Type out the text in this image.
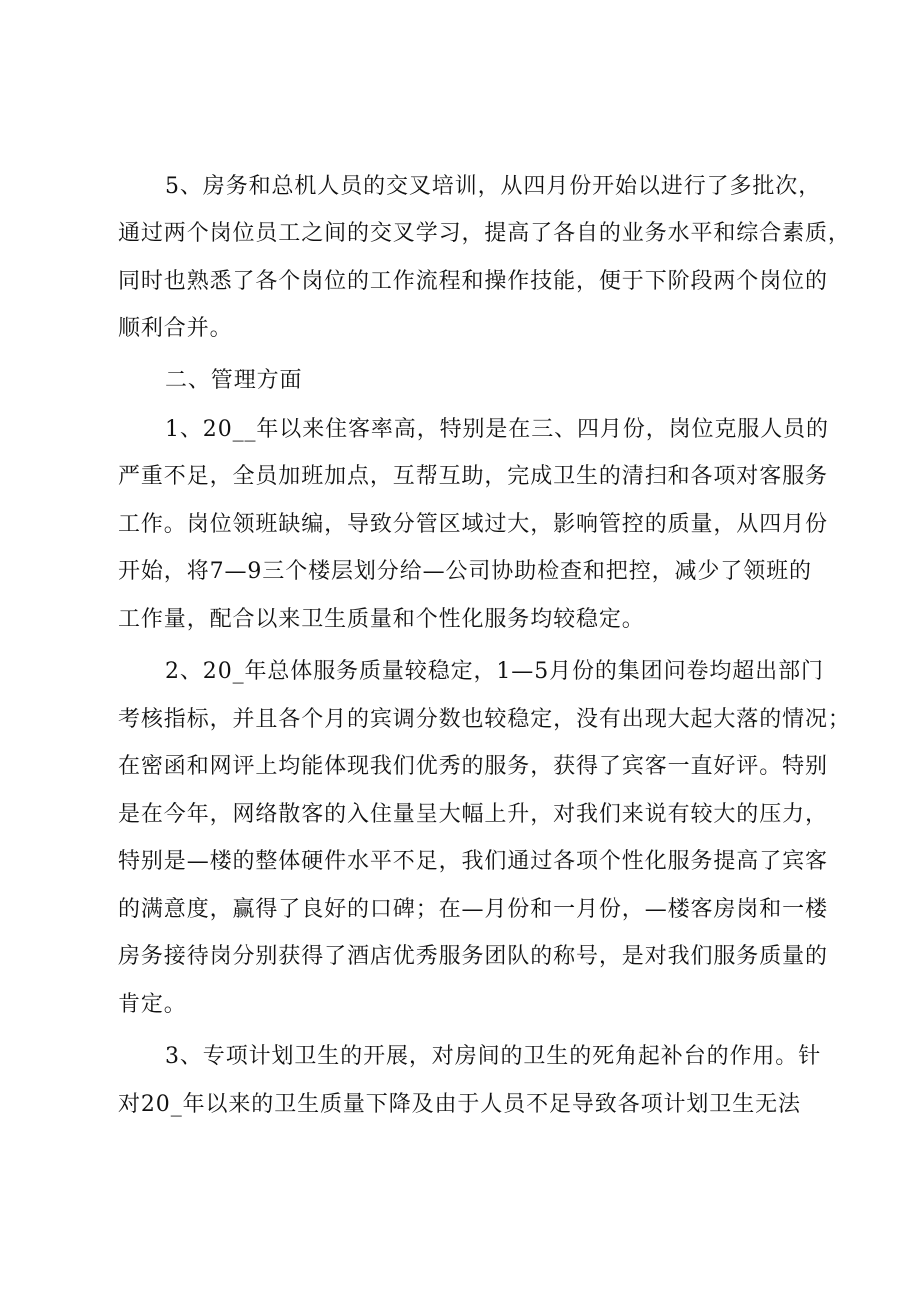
5、房务和总机人员的交叉培训，从四月份开始以进行了多批次，
通过两个岗位员工之间的交叉学习，提高了各自的业务水平和综合素质，
同时也熟悉了各个岗位的工作流程和操作技能，便于下阶段两个岗位的
顺利合并。
二、管理方面
1、20__年以来住客率高，特别是在三、四月份，岗位克服人员的
严重不足，全员加班加点，互帮互助，完成卫生的清扫和各项对客服务
工作。岗位领班缺编，导致分管区域过大，影响管控的质量，从四月份
开始，将7—9三个楼层划分给—公司协助检查和把控，减少了领班的
工作量，配合以来卫生质量和个性化服务均较稳定。
2、20_年总体服务质量较稳定，1—5月份的集团问卷均超出部门
考核指标，并且各个月的宾调分数也较稳定，没有出现大起大落的情况；
在密函和网评上均能体现我们优秀的服务，获得了宾客一直好评。特别
是在今年，网络散客的入住量呈大幅上升，对我们来说有较大的压力，
特别是—楼的整体硬件水平不足，我们通过各项个性化服务提高了宾客
的满意度，赢得了良好的口碑；在—月份和一月份，—楼客房岗和一楼
房务接待岗分别获得了酒店优秀服务团队的称号，是对我们服务质量的
肯定。
3、专项计划卫生的开展，对房间的卫生的死角起补台的作用。针
对20_年以来的卫生质量下降及由于人员不足导致各项计划卫生无法
